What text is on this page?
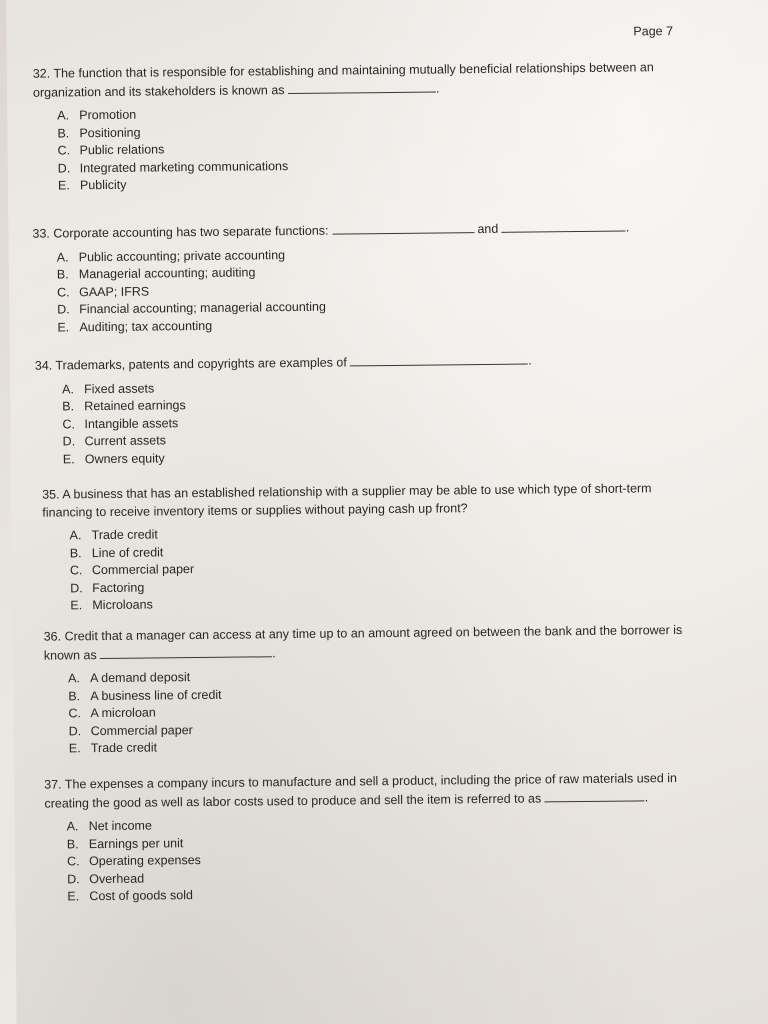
Page 7

32. The function that is responsible for establishing and maintaining mutually beneficial relationships between an organization and its stakeholders is known as	.

A. Promotion
B. Positioning
C. Public relations
D. Integrated marketing communications
E. Publicity

33. Corporate accounting has two separate functions:	and	.

A. Public accounting; private accounting
B. Managerial accounting; auditing
C. GAAP; IFRS
D. Financial accounting; managerial accounting
E. Auditing; tax accounting

34. Trademarks, patents and copyrights are examples of	.

A. Fixed assets
B. Retained earnings
C. Intangible assets
D. Current assets
E. Owners equity

35. A business that has an established relationship with a supplier may be able to use which type of short-term financing to receive inventory items or supplies without paying cash up front?

A. Trade credit
B. Line of credit
C. Commercial paper
D. Factoring
E. Microloans

36. Credit that a manager can access at any time up to an amount agreed on between the bank and the borrower is known as	.

A. A demand deposit
B. A business line of credit
C. A microloan
D. Commercial paper
E. Trade credit

37. The expenses a company incurs to manufacture and sell a product, including the price of raw materials used in creating the good as well as labor costs used to produce and sell the item is referred to as	.

A. Net income
B. Earnings per unit
C. Operating expenses
D. Overhead
E. Cost of goods sold
